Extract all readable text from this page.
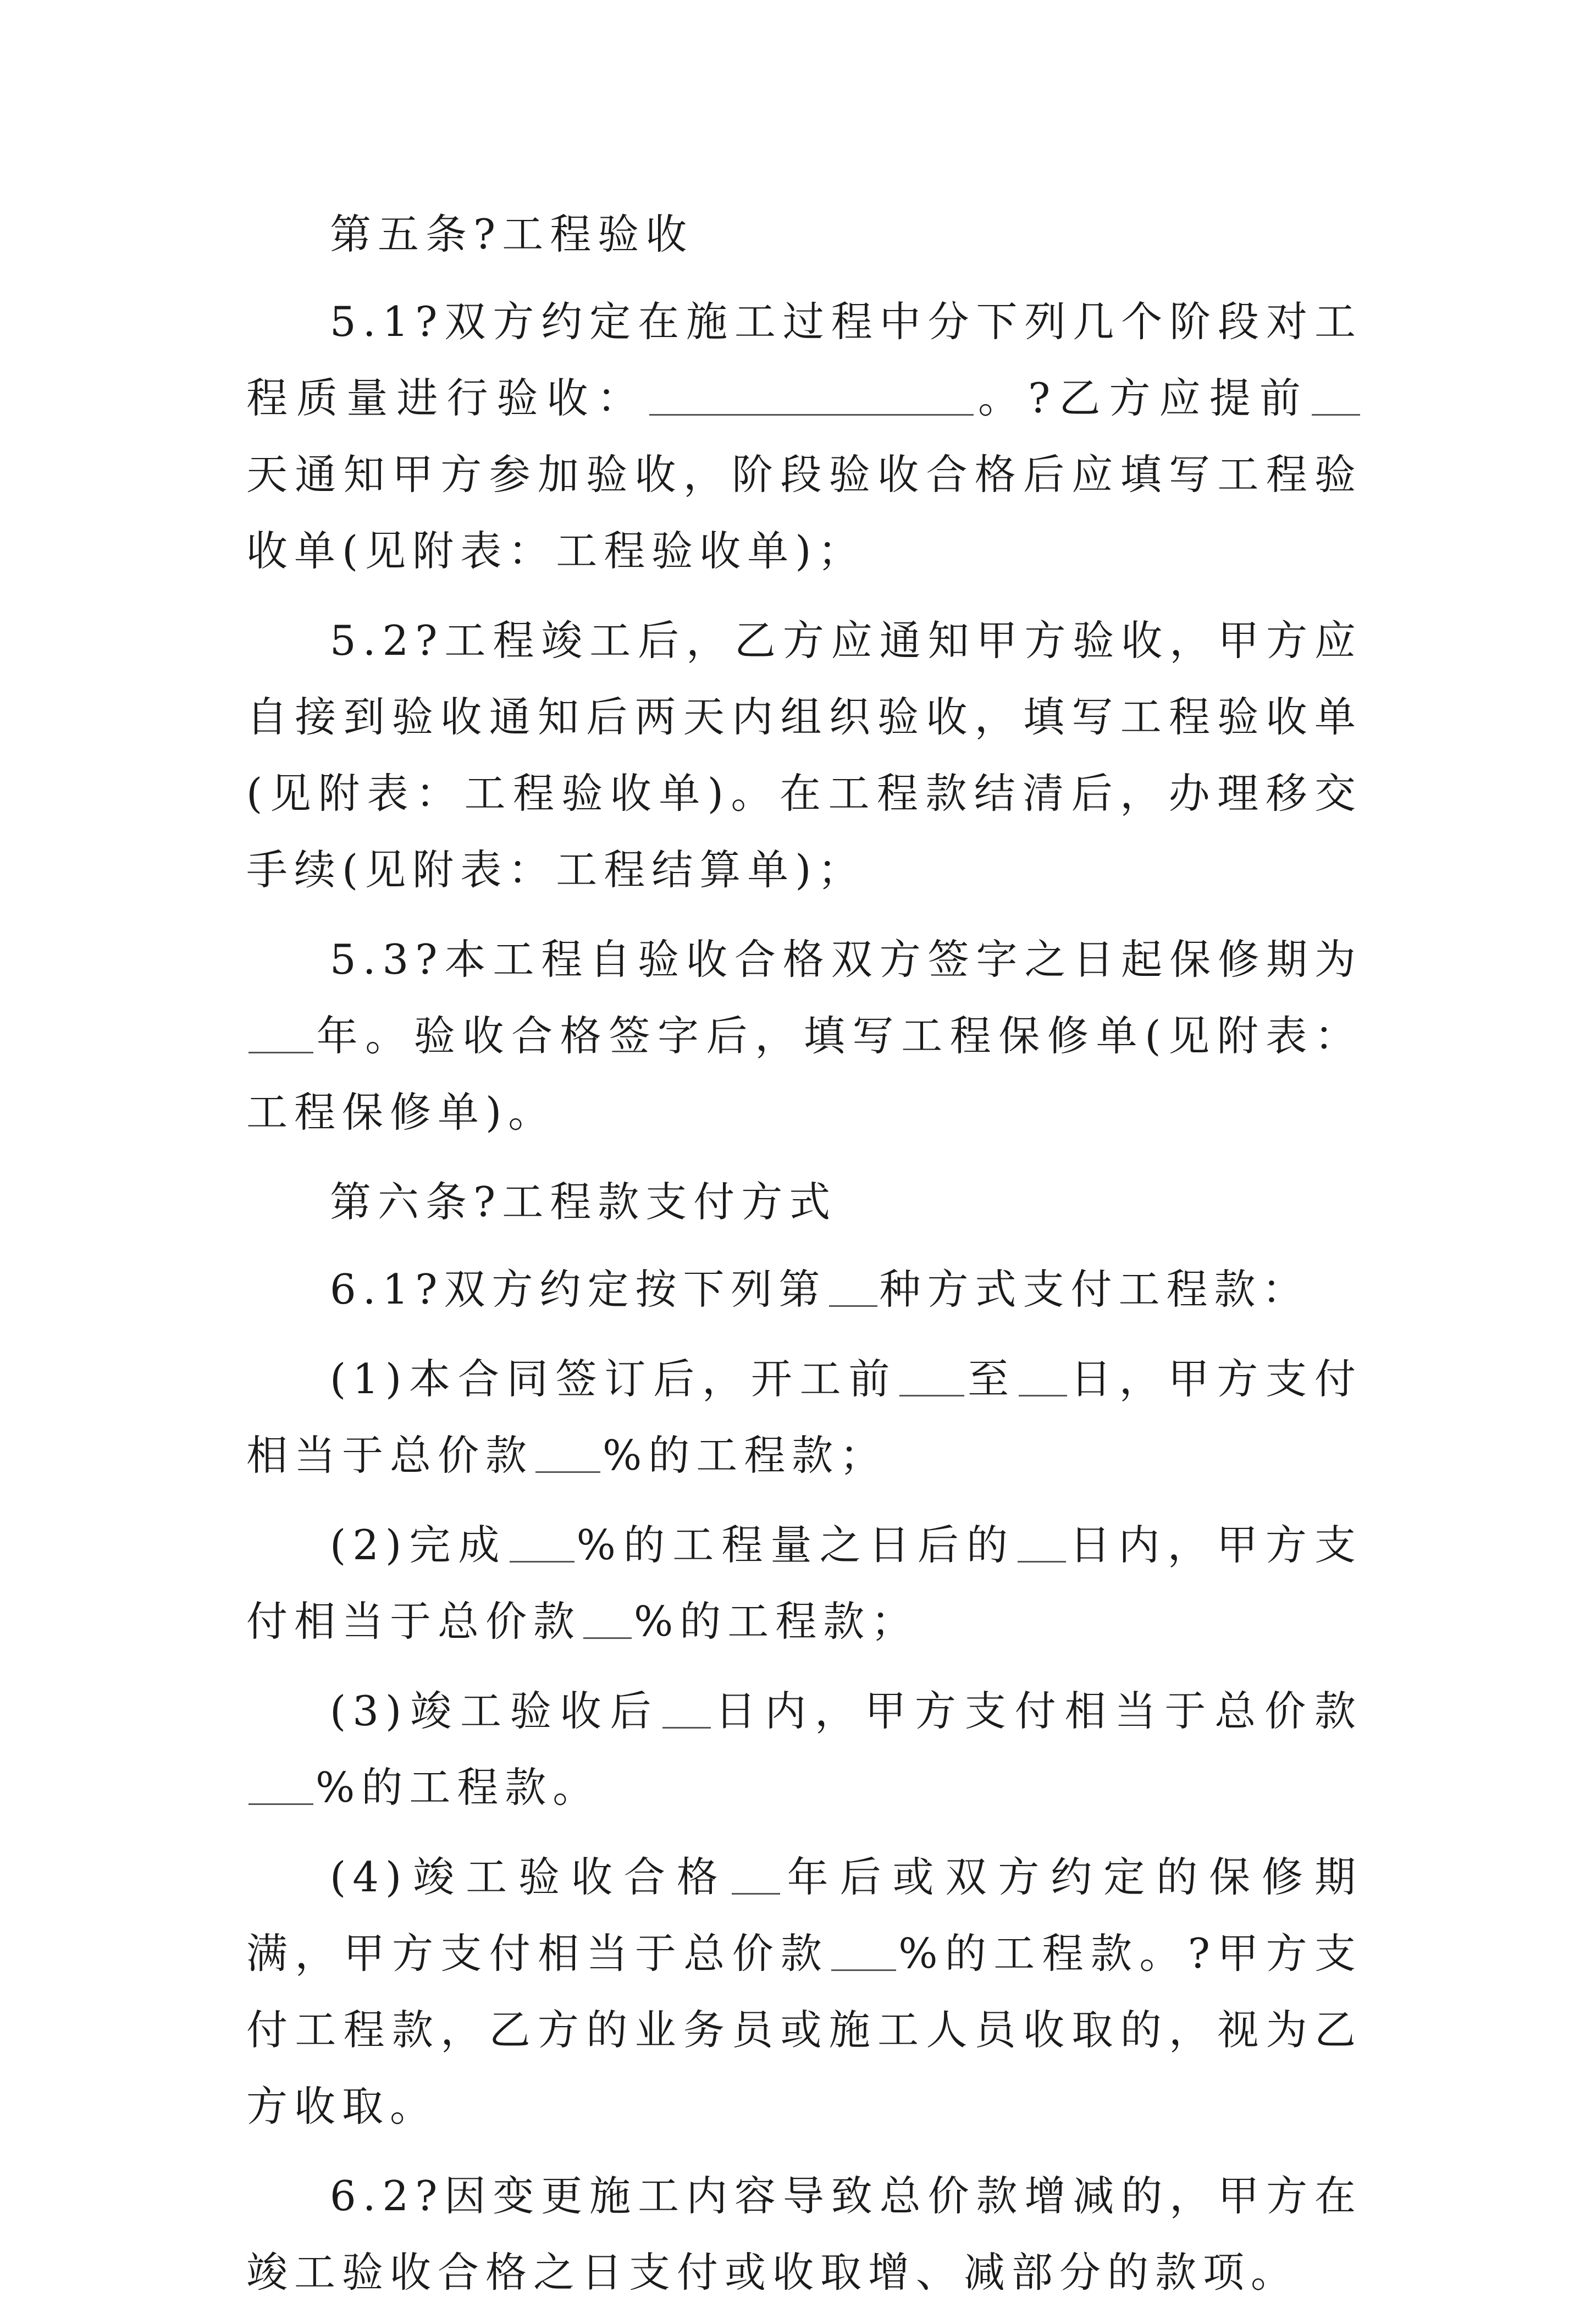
第五条?工程验收

5.1?双方约定在施工过程中分下列几个阶段对工程质量进行验收：	。?乙方应提前天通知甲方参加验收，阶段验收合格后应填写工程验收单(见附表：工程验收单)；

5.2?工程竣工后，乙方应通知甲方验收，甲方应自接到验收通知后两天内组织验收，填写工程验收单(见附表：工程验收单)。在工程款结清后，办理移交手续(见附表：工程结算单)；

5.3?本工程自验收合格双方签字之日起保修期为年。验收合格签字后，填写工程保修单(见附表：工程保修单)。

第六条?工程款支付方式

6.1?双方约定按下列第 种方式支付工程款：

(1)本合同签订后，开工前 至 日，甲方支付相当于总价款 %的工程款；

(2)完成 %的工程量之日后的 日内，甲方支付相当于总价款 %的工程款；

(3)竣工验收后 日内，甲方支付相当于总价款%的工程款。

(4)竣工验收合格 年后或双方约定的保修期满，甲方支付相当于总价款 %的工程款。?甲方支付工程款，乙方的业务员或施工人员收取的，视为乙方收取。

6.2?因变更施工内容导致总价款增减的，甲方在竣工验收合格之日支付或收取增、减部分的款项。
